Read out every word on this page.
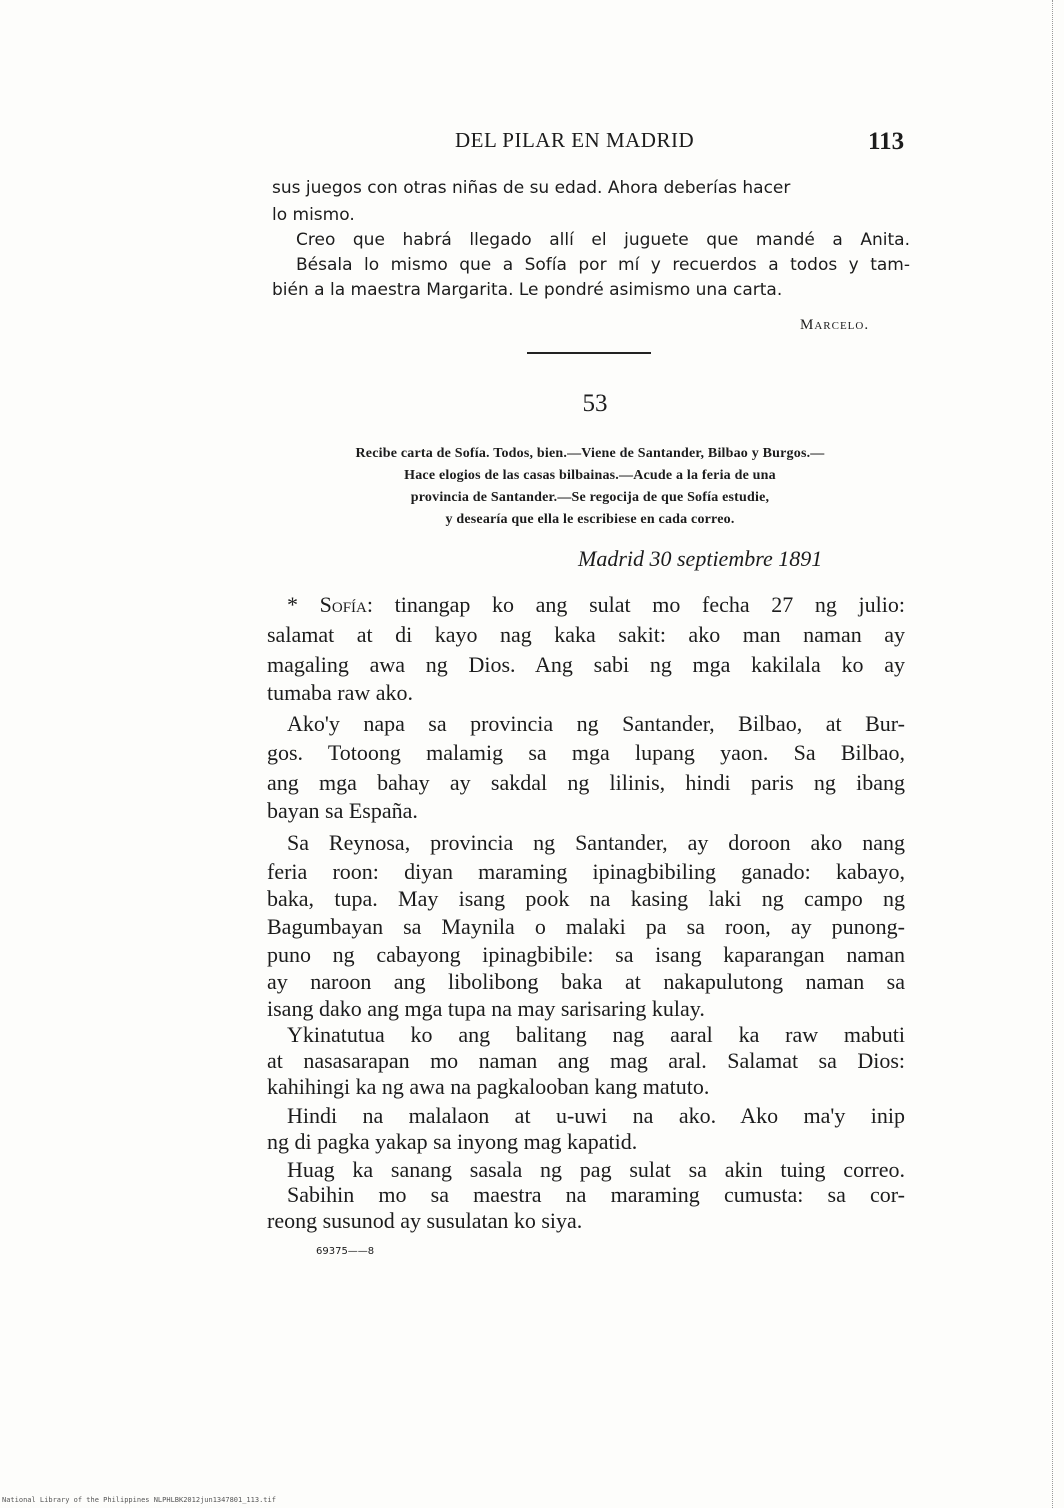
DEL PILAR EN MADRID	113
sus juegos con otras niñas de su edad. Ahora deberías hacer
lo mismo.
Creo que habrá llegado allí el juguete que mandé a Anita.
Bésala lo mismo que a Sofía por mí y recuerdos a todos y tam-
bién a la maestra Margarita. Le pondré asimismo una carta.
Marcelo.
53
Recibe carta de Sofía. Todos, bien.—Viene de Santander, Bilbao y Burgos.—
Hace elogios de las casas bilbainas.—Acude a la feria de una
provincia de Santander.—Se regocija de que Sofía estudie,
y desearía que ella le escribiese en cada correo.
Madrid 30 septiembre 1891
* Sofía: tinangap ko ang sulat mo fecha 27 ng julio:
salamat at di kayo nag kaka sakit: ako man naman ay
magaling awa ng Dios. Ang sabi ng mga kakilala ko ay
tumaba raw ako.
Ako'y napa sa provincia ng Santander, Bilbao, at Bur-
gos. Totoong malamig sa mga lupang yaon. Sa Bilbao,
ang mga bahay ay sakdal ng lilinis, hindi paris ng ibang
bayan sa España.
Sa Reynosa, provincia ng Santander, ay doroon ako nang
feria roon: diyan maraming ipinagbibiling ganado: kabayo,
baka, tupa. May isang pook na kasing laki ng campo ng
Bagumbayan sa Maynila o malaki pa sa roon, ay punong-
puno ng cabayong ipinagbibile: sa isang kaparangan naman
ay naroon ang libolibong baka at nakapulutong naman sa
isang dako ang mga tupa na may sarisaring kulay.
Ykinatutua ko ang balitang nag aaral ka raw mabuti
at nasasarapan mo naman ang mag aral. Salamat sa Dios:
kahihingi ka ng awa na pagkalooban kang matuto.
Hindi na malalaon at u-uwi na ako. Ako ma'y inip
ng di pagka yakap sa inyong mag kapatid.
Huag ka sanang sasala ng pag sulat sa akin tuing correo.
Sabihin mo sa maestra na maraming cumusta: sa cor-
reong susunod ay susulatan ko siya.
69375——8
National Library of the Philippines NLPHLBK2012jun1347801_113.tif
